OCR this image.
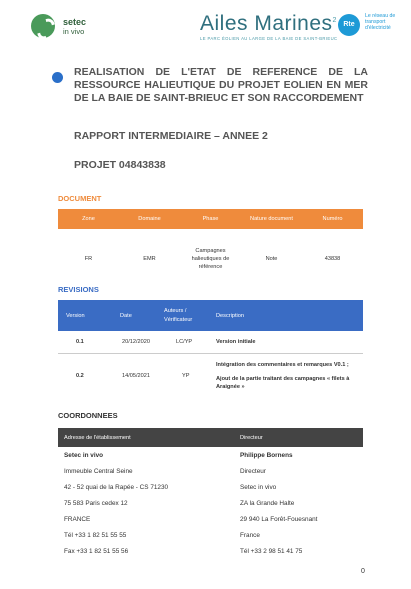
setec
in vivo	Ailes Marines$^2$
LE PARC ÉOLIEN AU LARGE DE LA BAIE DE SAINT-BRIEUC
Rte
Le réseau de transport d'électricité
REALISATION DE L'ETAT DE REFERENCE DE LA RESSOURCE HALIEUTIQUE DU PROJET EOLIEN EN MER DE LA BAIE DE SAINT-BRIEUC ET SON RACCORDEMENT
RAPPORT INTERMEDIAIRE – ANNEE 2
PROJET 04843838
DOCUMENT
Zone	Domaine	Phase	Nature document	Numéro
FR	EMR	Campagnes halieutiques de référence	Note	43838
REVISIONS
Version	Date	Auteurs / Vérificateur	Description
0.1	20/12/2020	LC/YP	Version initiale
0.2	14/05/2021	YP	Intégration des commentaires et remarques V0.1 ;
Ajout de la partie traitant des campagnes « filets à Araignée »
COORDONNEES
Adresse de l'établissement	Directeur
Setec in vivo	Philippe Bornens
Immeuble Central Seine	Directeur
42 - 52 quai de la Rapée - CS 71230	Setec in vivo
75 583 Paris cedex 12	ZA la Grande Halte
FRANCE	29 940 La Forêt-Fouesnant
Tél +33 1 82 51 55 55	France
Fax +33 1 82 51 55 56	Tél +33 2 98 51 41 75
0
